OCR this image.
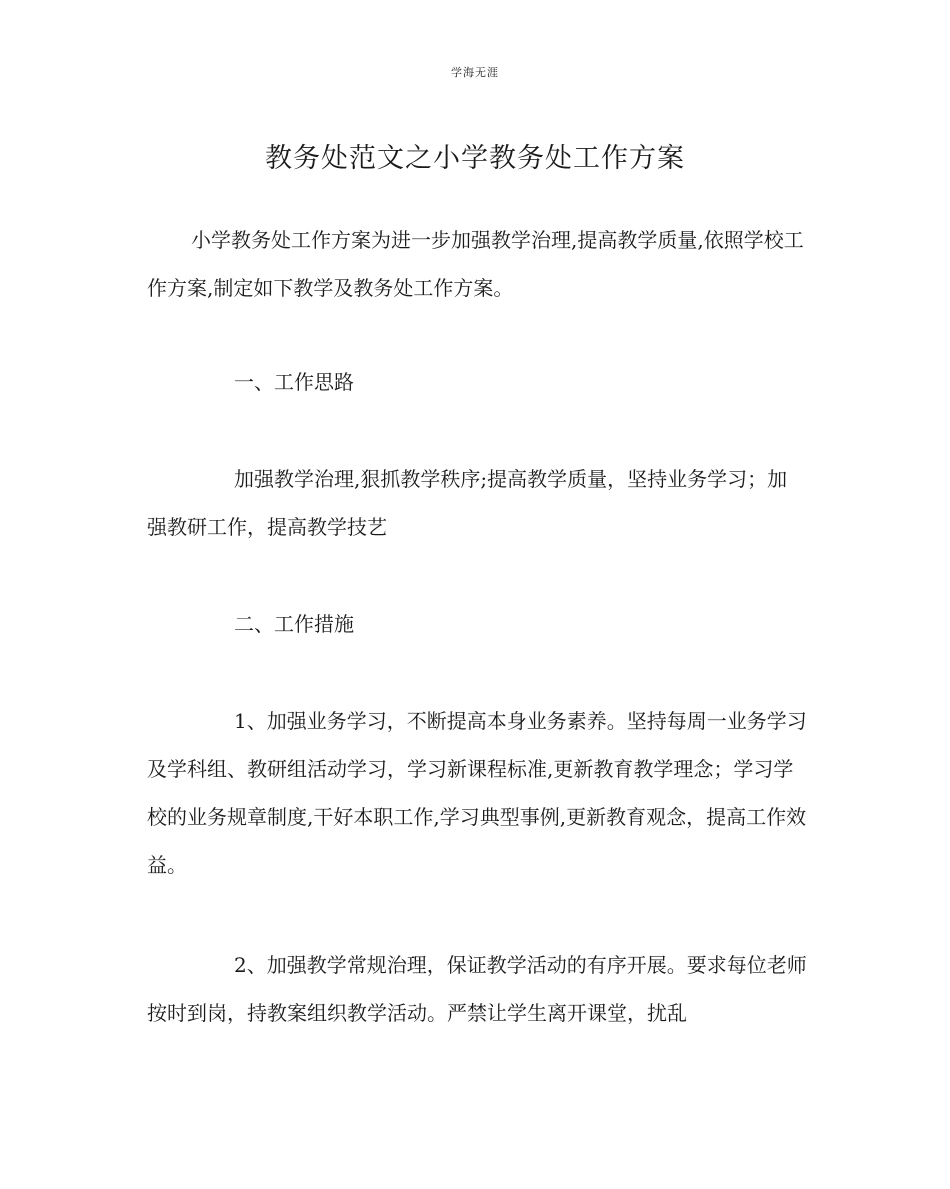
学海无涯
教务处范文之小学教务处工作方案

小学教务处工作方案为进一步加强教学治理,提高教学质量,依照学校工作方案,制定如下教学及教务处工作方案。

一、工作思路

加强教学治理,狠抓教学秩序;提高教学质量，坚持业务学习；加强教研工作，提高教学技艺

二、工作措施

1、加强业务学习，不断提高本身业务素养。坚持每周一业务学习及学科组、教研组活动学习，学习新课程标准,更新教育教学理念；学习学校的业务规章制度,干好本职工作,学习典型事例,更新教育观念，提高工作效益。

2、加强教学常规治理，保证教学活动的有序开展。要求每位老师按时到岗，持教案组织教学活动。严禁让学生离开课堂，扰乱
